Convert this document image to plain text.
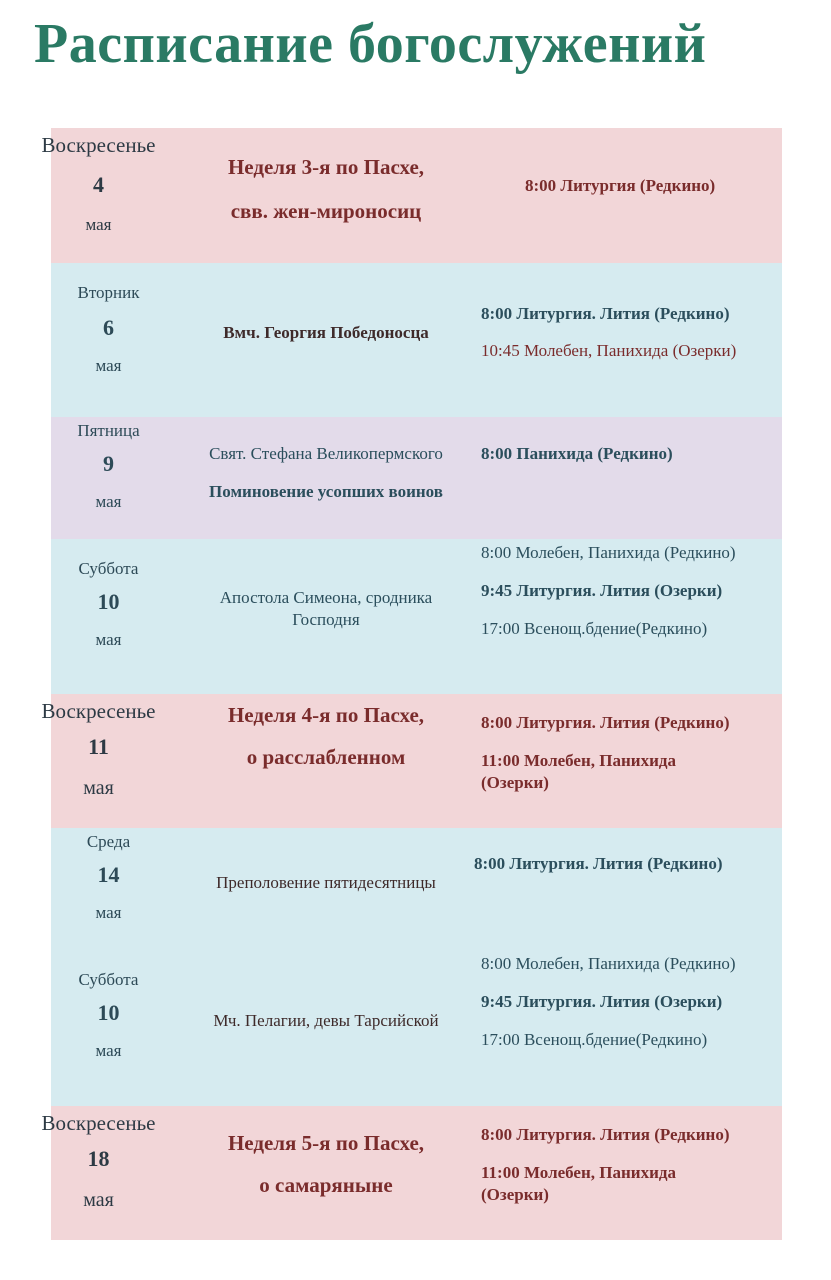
Расписание богослужений
Воскресенье
4
мая
Неделя 3-я по Пасхе,
свв. жен-мироносиц
8:00 Литургия (Редкино)
Вторник
6
мая
Вмч. Георгия Победоносца
8:00 Литургия. Лития (Редкино)
10:45 Молебен, Панихида (Озерки)
Пятница
9
мая
Свят. Стефана Великопермского
Поминовение усопших воинов
8:00 Панихида (Редкино)
Суббота
10
мая
Апостола Симеона, сродника
Господня
8:00 Молебен, Панихида (Редкино)
9:45 Литургия. Лития (Озерки)
17:00 Всенощ.бдение(Редкино)
Воскресенье
11
мая
Неделя 4-я по Пасхе,
о расслабленном
8:00 Литургия. Лития (Редкино)
11:00 Молебен, Панихида
(Озерки)
Среда
14
мая
Преполовение пятидесятницы
8:00 Литургия. Лития (Редкино)
Суббота
10
мая
Мч. Пелагии, девы Тарсийской
8:00 Молебен, Панихида (Редкино)
9:45 Литургия. Лития (Озерки)
17:00 Всенощ.бдение(Редкино)
Воскресенье
18
мая
Неделя 5-я по Пасхе,
о самаряныне
8:00 Литургия. Лития (Редкино)
11:00 Молебен, Панихида
(Озерки)
